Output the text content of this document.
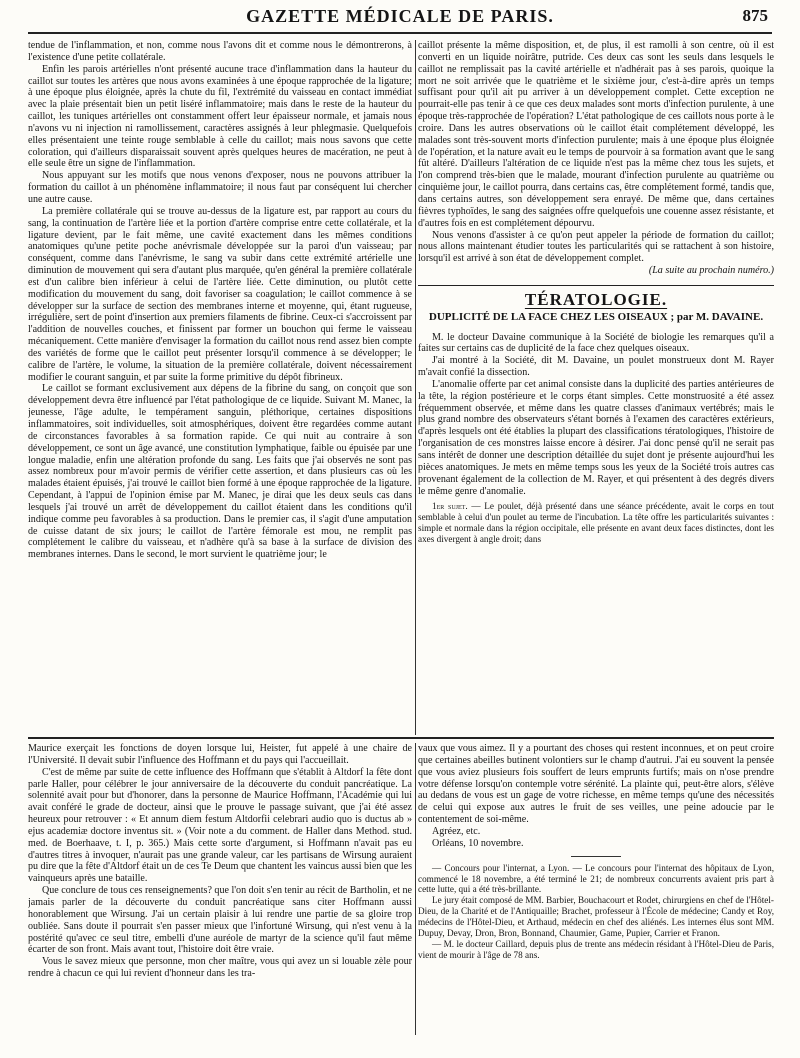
GAZETTE MÉDICALE DE PARIS.	875

tendue de l'inflammation, et non, comme nous l'avons dit et comme nous le démontrerons, à l'existence d'une petite collatérale.

Enfin les parois artérielles n'ont présenté aucune trace d'inflammation dans la hauteur du caillot sur toutes les artères que nous avons examinées à une époque rapprochée de la ligature; à une époque plus éloignée, après la chute du fil, l'extrémité du vaisseau en contact immédiat avec la plaie présentait bien un petit liséré inflammatoire; mais dans le reste de la hauteur du caillot, les tuniques artérielles ont constamment offert leur épaisseur normale, et jamais nous n'avons vu ni injection ni ramollissement, caractères assignés à leur phlegmasie. Quelquefois elles présentaient une teinte rouge semblable à celle du caillot; mais nous savons que cette coloration, qui d'ailleurs disparaissait souvent après quelques heures de macération, ne peut à elle seule être un signe de l'inflammation.

Nous appuyant sur les motifs que nous venons d'exposer, nous ne pouvons attribuer la formation du caillot à un phénomène inflammatoire; il nous faut par conséquent lui chercher une autre cause.

La première collatérale qui se trouve au-dessus de la ligature est, par rapport au cours du sang, la continuation de l'artère liée et la portion d'artère comprise entre cette collatérale, et la ligature devient, par le fait même, une cavité exactement dans les mêmes conditions anatomiques qu'une petite poche anévrismale développée sur la paroi d'un vaisseau; par conséquent, comme dans l'anévrisme, le sang va subir dans cette extrémité artérielle une diminution de mouvement qui sera d'autant plus marquée, qu'en général la première collatérale est d'un calibre bien inférieur à celui de l'artère liée. Cette diminution, ou plutôt cette modification du mouvement du sang, doit favoriser sa coagulation; le caillot commence à se développer sur la surface de section des membranes interne et moyenne, qui, étant rugueuse, irrégulière, sert de point d'insertion aux premiers filaments de fibrine. Ceux-ci s'accroissent par l'addition de nouvelles couches, et finissent par former un bouchon qui ferme le vaisseau mécaniquement. Cette manière d'envisager la formation du caillot nous rend assez bien compte des variétés de forme que le caillot peut présenter lorsqu'il commence à se développer; le calibre de l'artère, le volume, la situation de la première collatérale, doivent nécessairement modifier le courant sanguin, et par suite la forme primitive du dépôt fibrineux.

Le caillot se formant exclusivement aux dépens de la fibrine du sang, on conçoit que son développement devra être influencé par l'état pathologique de ce liquide. Suivant M. Manec, la jeunesse, l'âge adulte, le tempérament sanguin, pléthorique, certaines dispositions inflammatoires, soit individuelles, soit atmosphériques, doivent être regardées comme autant de circonstances favorables à sa formation rapide. Ce qui nuit au contraire à son développement, ce sont un âge avancé, une constitution lymphatique, faible ou épuisée par une longue maladie, enfin une altération profonde du sang. Les faits que j'ai observés ne sont pas assez nombreux pour m'avoir permis de vérifier cette assertion, et dans plusieurs cas où les malades étaient épuisés, j'ai trouvé le caillot bien formé à une époque rapprochée de la ligature. Cependant, à l'appui de l'opinion émise par M. Manec, je dirai que les deux seuls cas dans lesquels j'ai trouvé un arrêt de développement du caillot étaient dans les conditions qu'il indique comme peu favorables à sa production. Dans le premier cas, il s'agit d'une amputation de cuisse datant de six jours; le caillot de l'artère fémorale est mou, ne remplit pas complétement le calibre du vaisseau, et n'adhère qu'à sa base à la surface de division des membranes internes. Dans le second, le mort survient le quatrième jour; le

caillot présente la même disposition, et, de plus, il est ramolli à son centre, où il est converti en un liquide noirâtre, putride. Ces deux cas sont les seuls dans lesquels le caillot ne remplissait pas la cavité artérielle et n'adhérait pas à ses parois, quoique la mort ne soit arrivée que le quatrième et le sixième jour, c'est-à-dire après un temps suffisant pour qu'il ait pu arriver à un développement complet. Cette exception ne pourrait-elle pas tenir à ce que ces deux malades sont morts d'infection purulente, à une époque très-rapprochée de l'opération? L'état pathologique de ces caillots nous porte à le croire. Dans les autres observations où le caillot était complétement développé, les malades sont très-souvent morts d'infection purulente; mais à une époque plus éloignée de l'opération, et la nature avait eu le temps de pourvoir à sa formation avant que le sang fût altéré. D'ailleurs l'altération de ce liquide n'est pas la même chez tous les sujets, et l'on comprend très-bien que le malade, mourant d'infection purulente au quatrième ou cinquième jour, le caillot pourra, dans certains cas, être complétement formé, tandis que, dans certains autres, son développement sera enrayé. De même que, dans certaines fièvres typhoïdes, le sang des saignées offre quelquefois une couenne assez résistante, et d'autres fois en est complétement dépourvu.

Nous venons d'assister à ce qu'on peut appeler la période de formation du caillot; nous allons maintenant étudier toutes les particularités qui se rattachent à son histoire, lorsqu'il est arrivé à son état de développement complet.

(La suite au prochain numéro.)

TÉRATOLOGIE.
DUPLICITÉ DE LA FACE CHEZ LES OISEAUX ; par M. DAVAINE.

M. le docteur Davaine communique à la Société de biologie les remarques qu'il a faites sur certains cas de duplicité de la face chez quelques oiseaux.

J'ai montré à la Société, dit M. Davaine, un poulet monstrueux dont M. Rayer m'avait confié la dissection.

L'anomalie offerte par cet animal consiste dans la duplicité des parties antérieures de la tête, la région postérieure et le corps étant simples. Cette monstruosité a été assez fréquemment observée, et même dans les quatre classes d'animaux vertébrés; mais le plus grand nombre des observateurs s'étant bornés à l'examen des caractères extérieurs, d'après lesquels ont été établies la plupart des classifications tératologiques, l'histoire de l'organisation de ces monstres laisse encore à désirer. J'ai donc pensé qu'il ne serait pas sans intérêt de donner une description détaillée du sujet dont je présente aujourd'hui les pièces anatomiques. Je mets en même temps sous les yeux de la Société trois autres cas provenant également de la collection de M. Rayer, et qui présentent à des degrés divers le même genre d'anomalie.

1er sujet. — Le poulet, déjà présenté dans une séance précédente, avait le corps en tout semblable à celui d'un poulet au terme de l'incubation. La tête offre les particularités suivantes : simple et normale dans la région occipitale, elle présente en avant deux faces distinctes, dont les axes divergent à angle droit; dans

Maurice exerçait les fonctions de doyen lorsque lui, Heister, fut appelé à une chaire de l'Université. Il devait subir l'influence des Hoffmann et du pays qui l'accueillait.

C'est de même par suite de cette influence des Hoffmann que s'établit à Altdorf la fête dont parle Haller, pour célébrer le jour anniversaire de la découverte du conduit pancréatique. La solennité avait pour but d'honorer, dans la personne de Maurice Hoffmann, l'Académie qui lui avait conféré le grade de docteur, ainsi que le prouve le passage suivant, que j'ai été assez heureux pour retrouver : « Et annum diem festum Altdorfii celebrari audio quo is ductus ab » ejus academiæ doctore inventus sit. » (Voir note a du comment. de Haller dans Method. stud. med. de Boerhaave, t. I, p. 365.) Mais cette sorte d'argument, si Hoffmann n'avait pas eu d'autres titres à invoquer, n'aurait pas une grande valeur, car les partisans de Wirsung auraient pu dire que la fête d'Altdorf était un de ces Te Deum que chantent les vaincus aussi bien que les vainqueurs après une bataille.

Que conclure de tous ces renseignements? que l'on doit s'en tenir au récit de Bartholin, et ne jamais parler de la découverte du conduit pancréatique sans citer Hoffmann aussi honorablement que Wirsung. J'ai un certain plaisir à lui rendre une partie de sa gloire trop oubliée. Sans doute il pourrait s'en passer mieux que l'infortuné Wirsung, qui n'est venu à la postérité qu'avec ce seul titre, embelli d'une auréole de martyr de la science qu'il faut même écarter de son front. Mais avant tout, l'histoire doit être vraie.

Vous le savez mieux que personne, mon cher maître, vous qui avez un si louable zèle pour rendre à chacun ce qui lui revient d'honneur dans les tra-

vaux que vous aimez. Il y a pourtant des choses qui restent inconnues, et on peut croire que certaines abeilles butinent volontiers sur le champ d'autrui. J'ai eu souvent la pensée que vous aviez plusieurs fois souffert de leurs emprunts furtifs; mais on n'ose prendre votre défense lorsqu'on contemple votre sérénité. La plainte qui, peut-être alors, s'élève au dedans de vous est un gage de votre richesse, en même temps qu'une des nécessités de celui qui expose aux autres le fruit de ses veilles, une peine adoucie par le contentement de soi-même.

Agréez, etc.

Orléans, 10 novembre.

— Concours pour l'internat, a Lyon. — Le concours pour l'internat des hôpitaux de Lyon, commencé le 18 novembre, a été terminé le 21; de nombreux concurrents avaient pris part à cette lutte, qui a été très-brillante.

Le jury était composé de MM. Barbier, Bouchacourt et Rodet, chirurgiens en chef de l'Hôtel-Dieu, de la Charité et de l'Antiquaille; Brachet, professeur à l'École de médecine; Candy et Roy, médecins de l'Hôtel-Dieu, et Arthaud, médecin en chef des aliénés. Les internes élus sont MM. Dupuy, Devay, Dron, Bron, Bonnand, Chaumier, Game, Pupier, Carrier et Franon.

— M. le docteur Caillard, depuis plus de trente ans médecin résidant à l'Hôtel-Dieu de Paris, vient de mourir à l'âge de 78 ans.
